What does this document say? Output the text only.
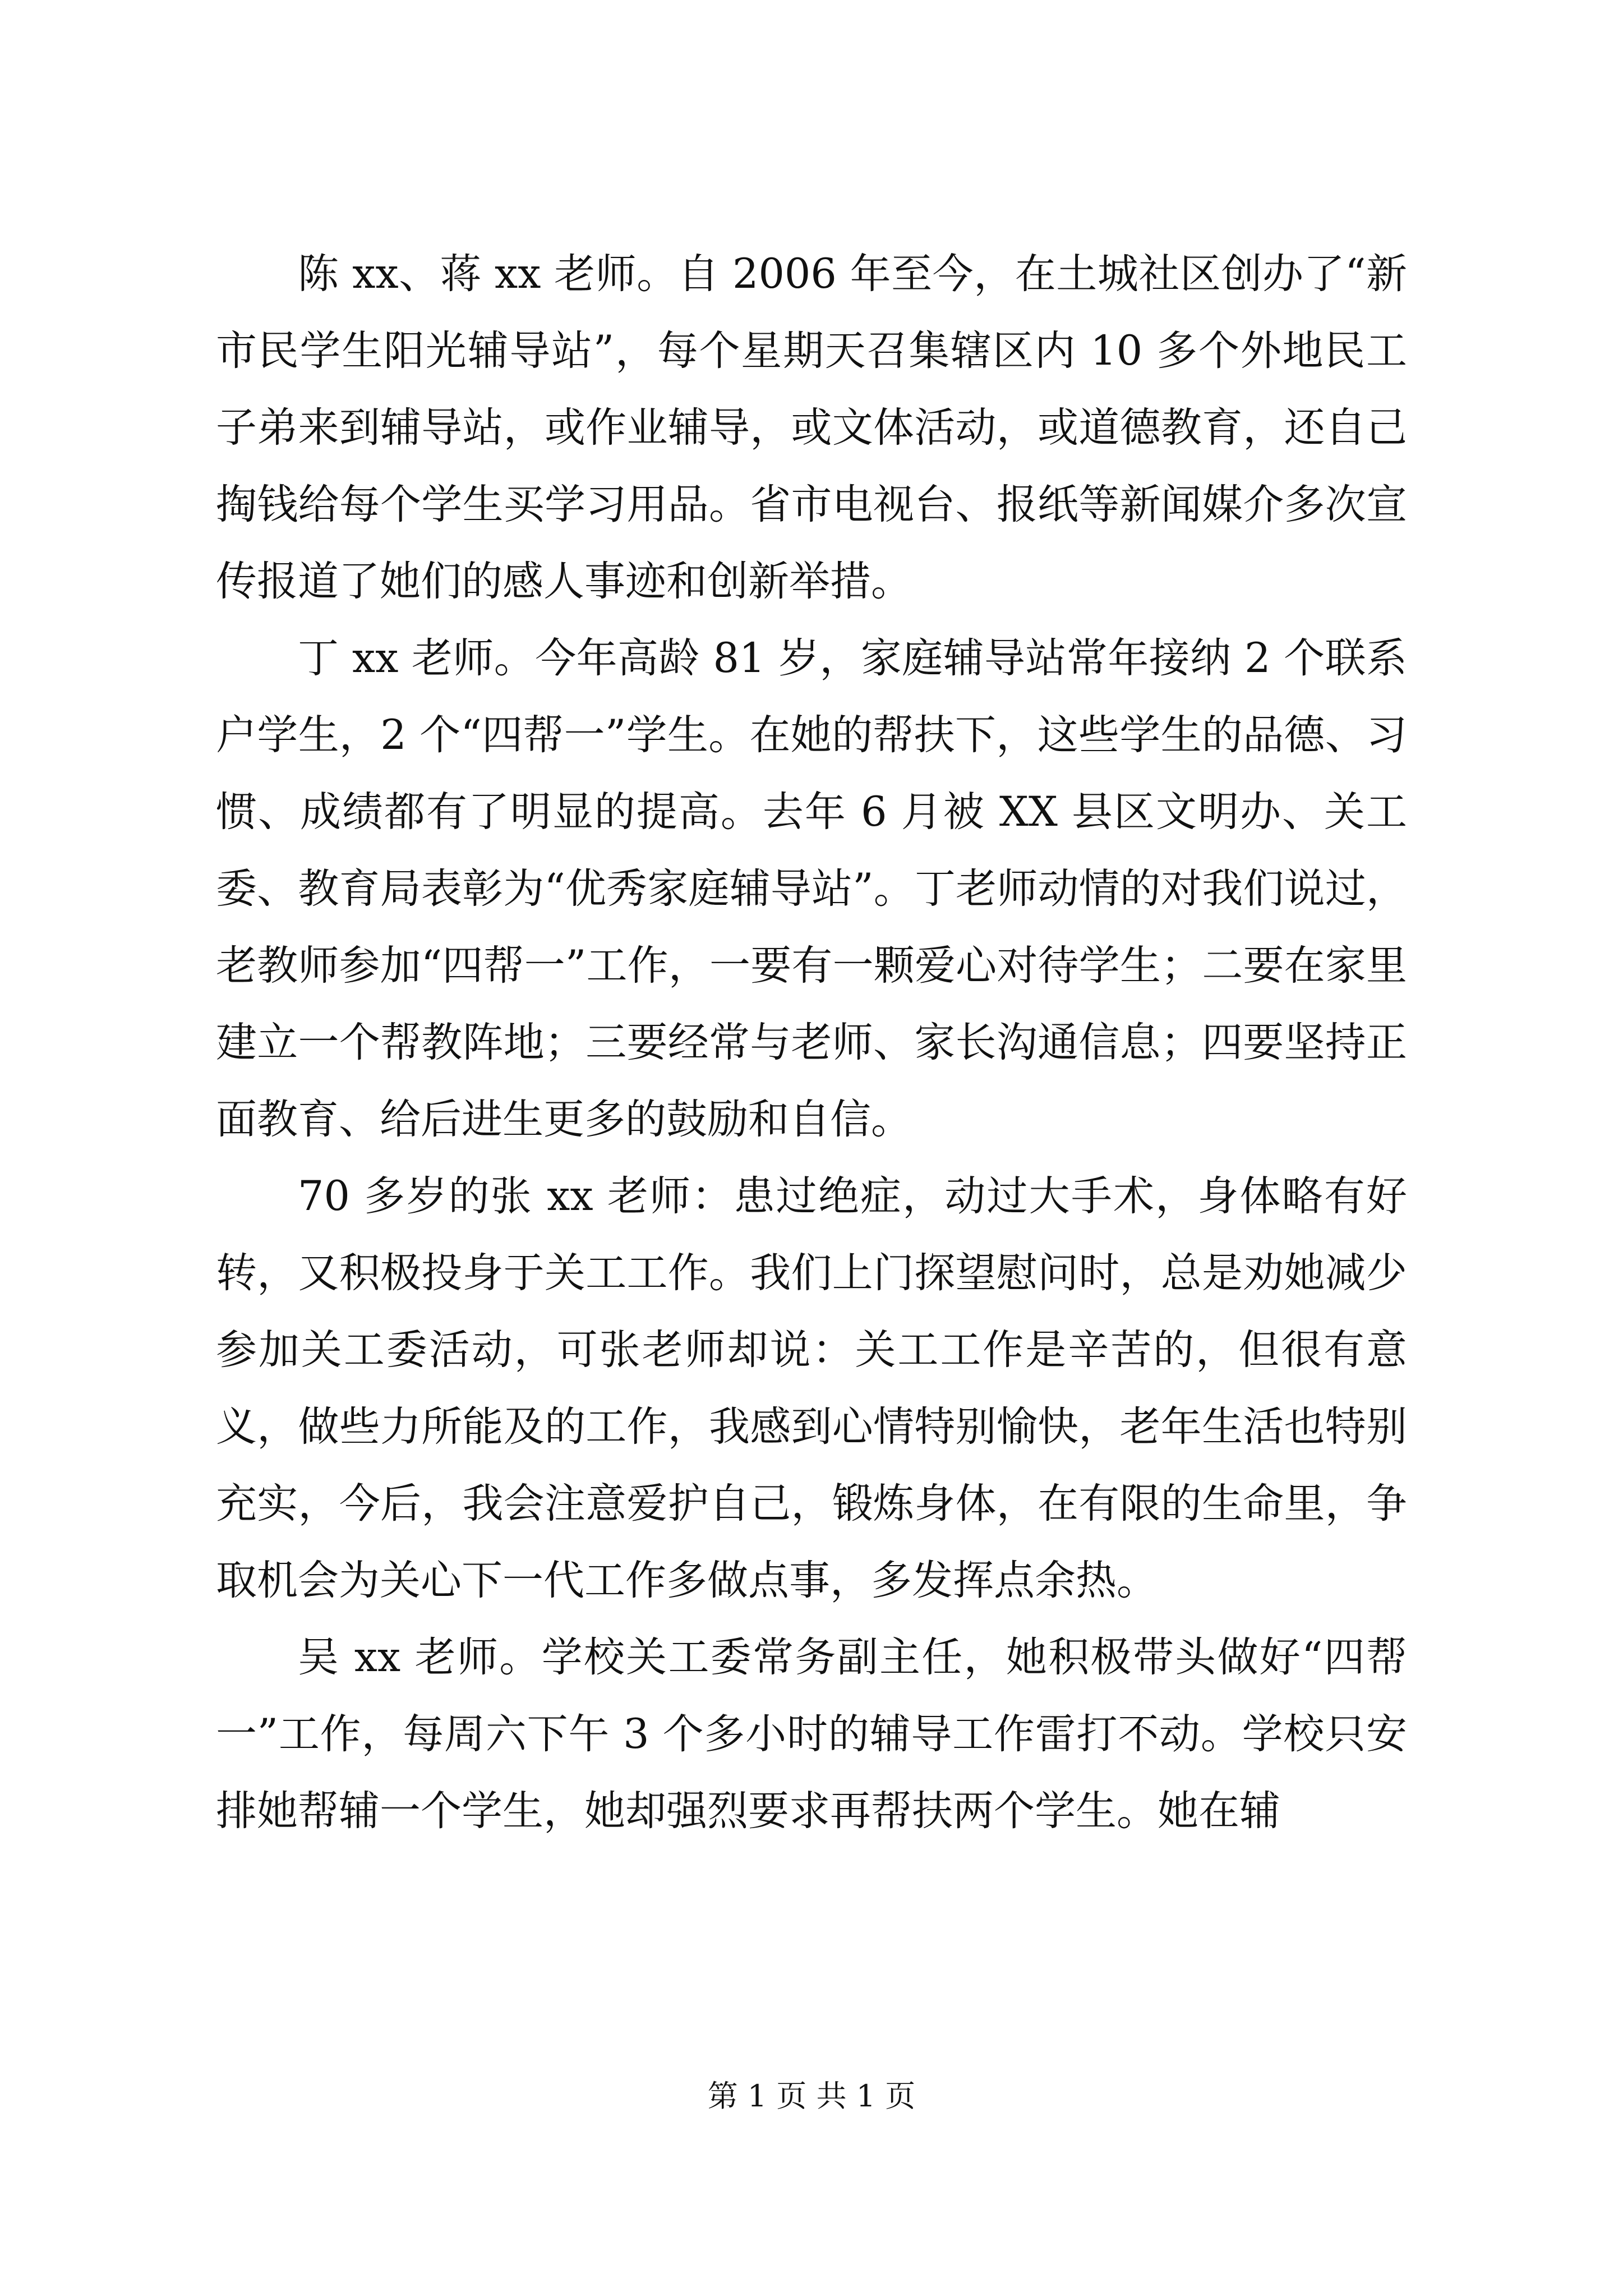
陈 xx、蒋 xx 老师。自 2006 年至今，在土城社区创办了“新市民学生阳光辅导站”，每个星期天召集辖区内 10 多个外地民工子弟来到辅导站，或作业辅导，或文体活动，或道德教育，还自己掏钱给每个学生买学习用品。省市电视台、报纸等新闻媒介多次宣传报道了她们的感人事迹和创新举措。

丁 xx 老师。今年高龄 81 岁，家庭辅导站常年接纳 2 个联系户学生，2 个“四帮一”学生。在她的帮扶下，这些学生的品德、习惯、成绩都有了明显的提高。去年 6 月被 XX 县区文明办、关工委、教育局表彰为“优秀家庭辅导站”。丁老师动情的对我们说过，老教师参加“四帮一”工作，一要有一颗爱心对待学生；二要在家里建立一个帮教阵地；三要经常与老师、家长沟通信息；四要坚持正面教育、给后进生更多的鼓励和自信。

70 多岁的张 xx 老师：患过绝症，动过大手术，身体略有好转，又积极投身于关工工作。我们上门探望慰问时，总是劝她减少参加关工委活动，可张老师却说：关工工作是辛苦的，但很有意义，做些力所能及的工作，我感到心情特别愉快，老年生活也特别充实，今后，我会注意爱护自己，锻炼身体，在有限的生命里，争取机会为关心下一代工作多做点事，多发挥点余热。

吴 xx 老师。学校关工委常务副主任，她积极带头做好“四帮一”工作，每周六下午 3 个多小时的辅导工作雷打不动。学校只安排她帮辅一个学生，她却强烈要求再帮扶两个学生。她在辅

第 1 页 共 1 页
